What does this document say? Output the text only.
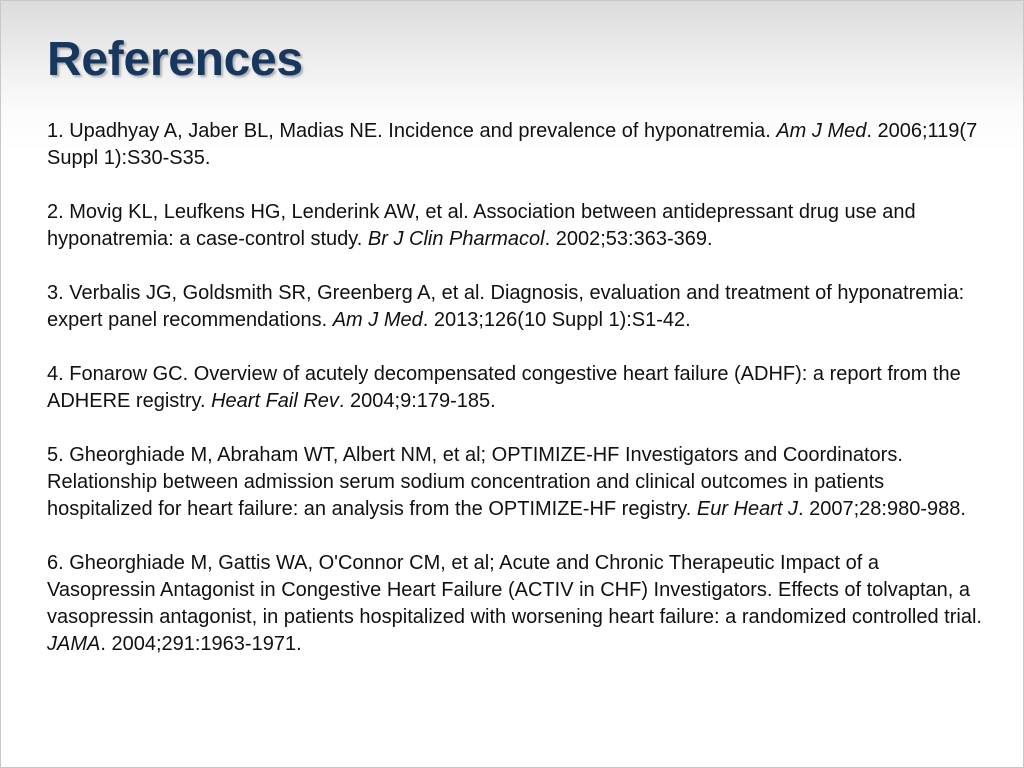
References
1. Upadhyay A, Jaber BL, Madias NE. Incidence and prevalence of hyponatremia. Am J Med. 2006;119(7 Suppl 1):S30-S35.
2. Movig KL, Leufkens HG, Lenderink AW, et al. Association between antidepressant drug use and hyponatremia: a case-control study. Br J Clin Pharmacol. 2002;53:363-369.
3. Verbalis JG, Goldsmith SR, Greenberg A, et al. Diagnosis, evaluation and treatment of hyponatremia: expert panel recommendations. Am J Med. 2013;126(10 Suppl 1):S1-42.
4. Fonarow GC. Overview of acutely decompensated congestive heart failure (ADHF): a report from the ADHERE registry. Heart Fail Rev. 2004;9:179-185.
5. Gheorghiade M, Abraham WT, Albert NM, et al; OPTIMIZE-HF Investigators and Coordinators. Relationship between admission serum sodium concentration and clinical outcomes in patients hospitalized for heart failure: an analysis from the OPTIMIZE-HF registry. Eur Heart J. 2007;28:980-988.
6. Gheorghiade M, Gattis WA, O'Connor CM, et al; Acute and Chronic Therapeutic Impact of a Vasopressin Antagonist in Congestive Heart Failure (ACTIV in CHF) Investigators. Effects of tolvaptan, a vasopressin antagonist, in patients hospitalized with worsening heart failure: a randomized controlled trial. JAMA. 2004;291:1963-1971.
